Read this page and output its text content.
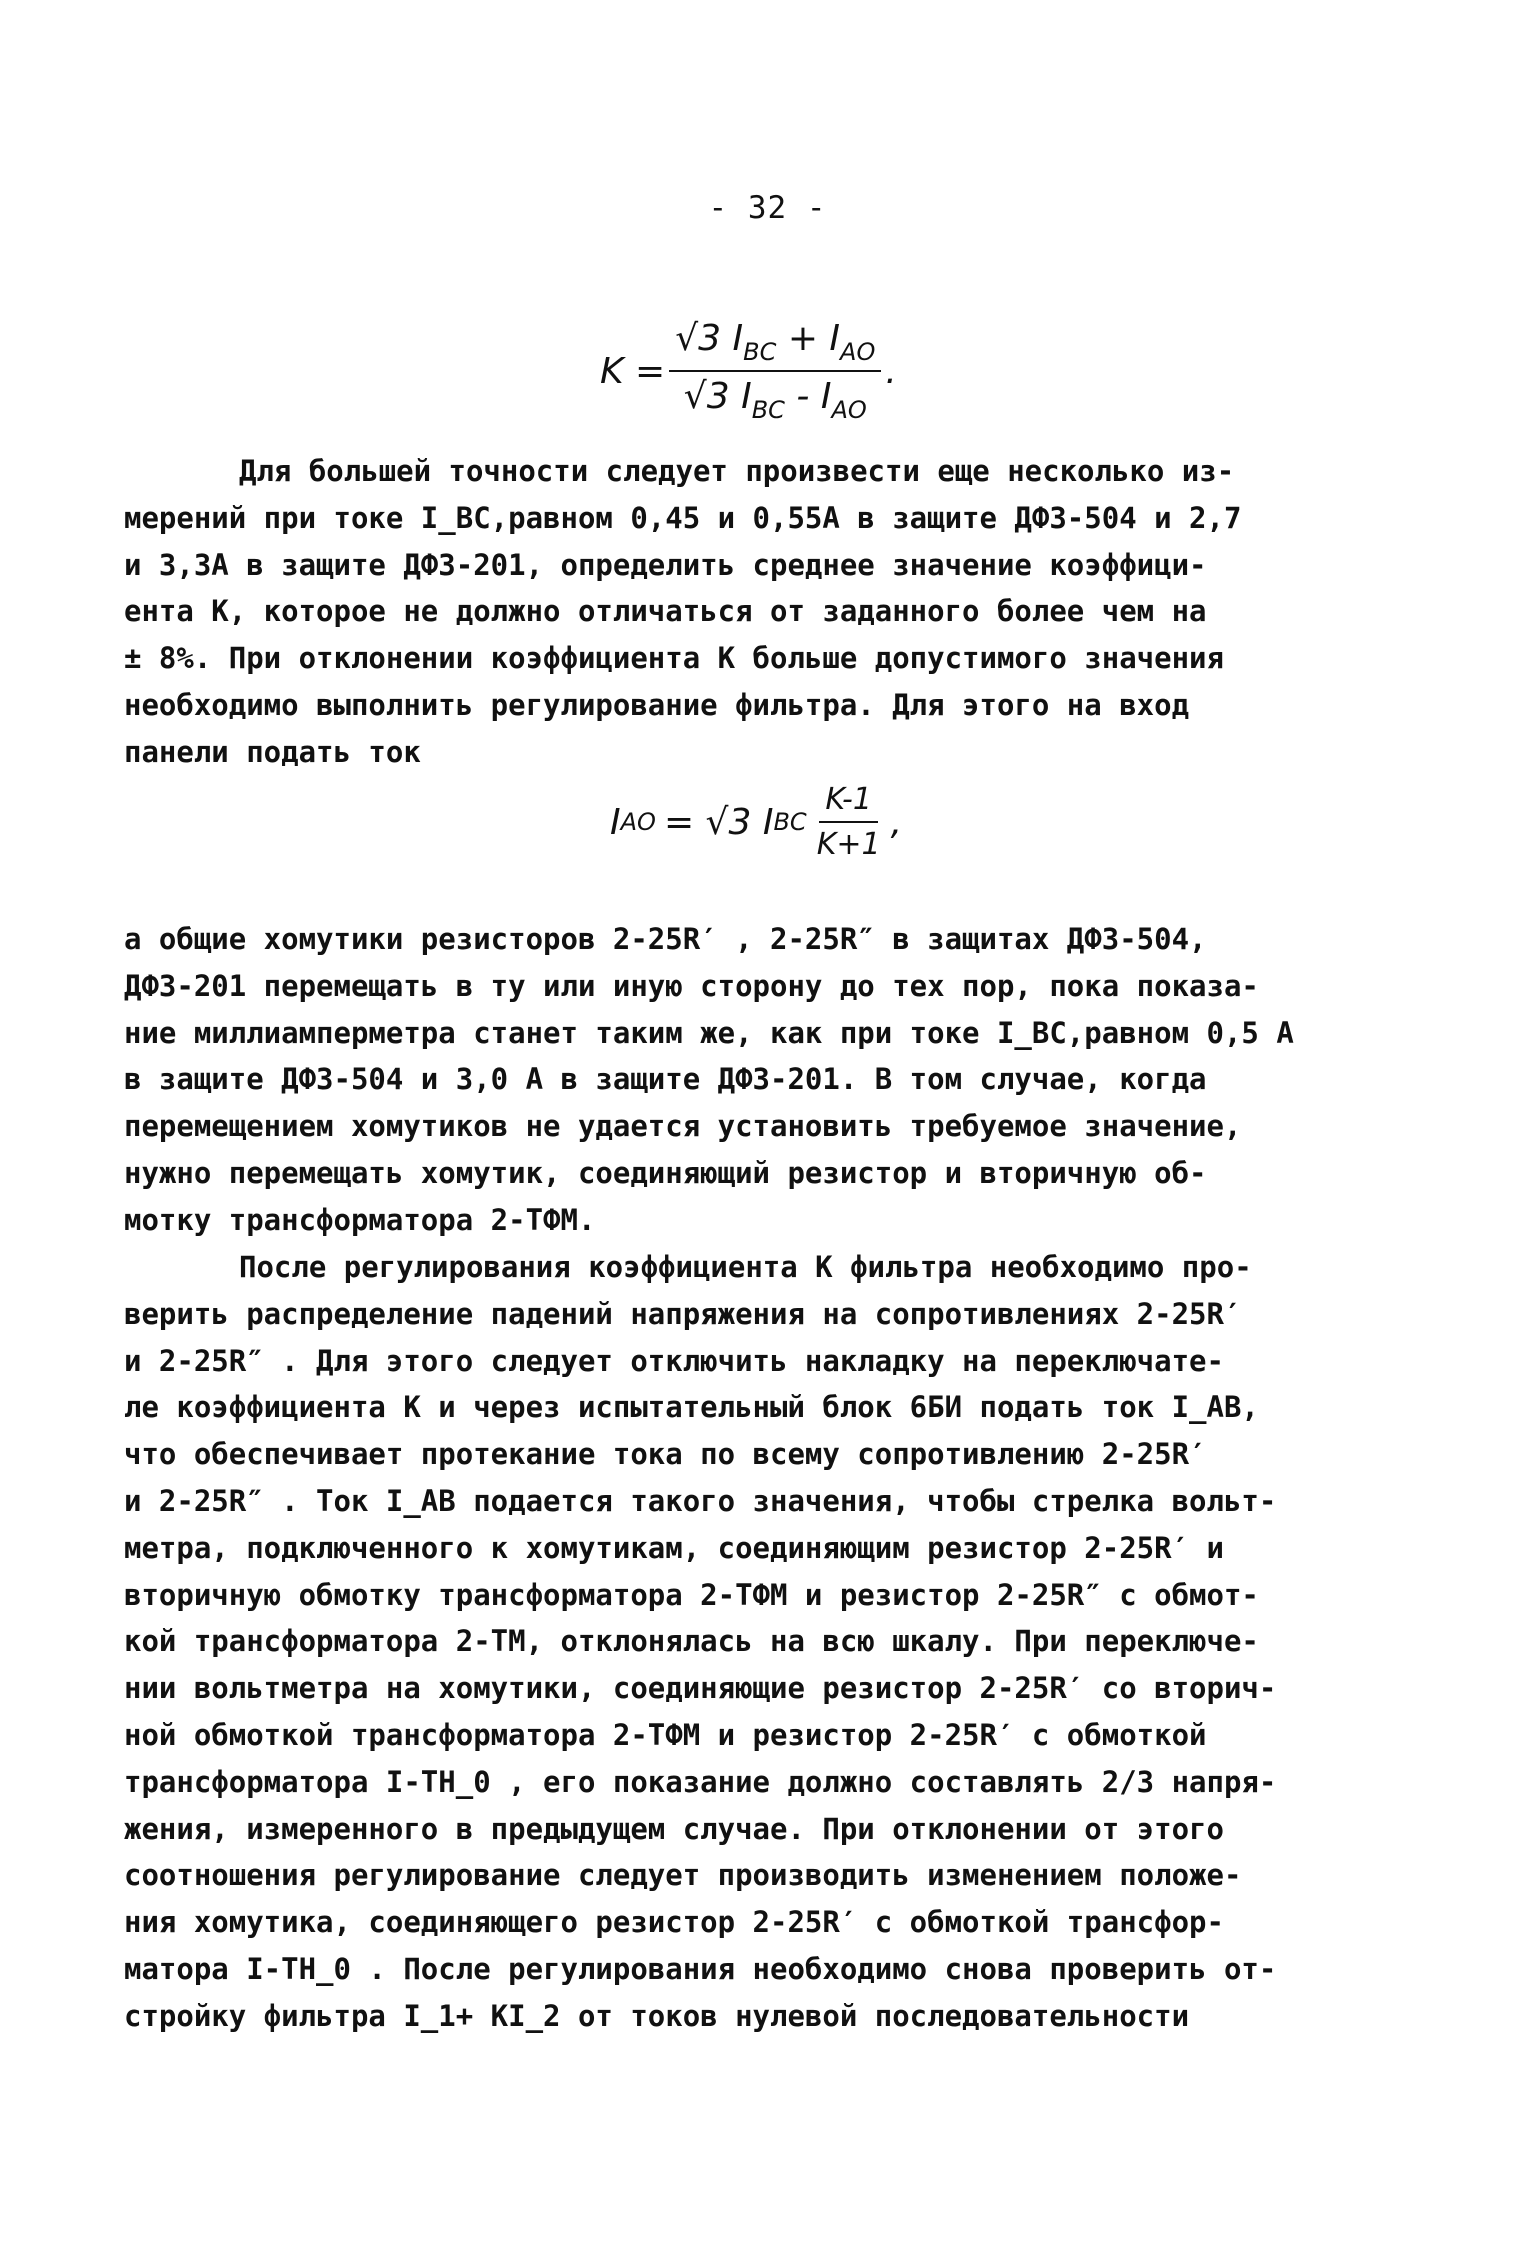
- 32 -
$K = \frac{√3 I_{BC} + I_{AO}}{√3 I_{BC} - I_{AO}}$ .
Для большей точности следует произвести еще несколько из-
мерений при токе I_BC,равном 0,45 и 0,55А в защите ДФЗ-504 и 2,7
и 3,3А в защите ДФЗ-201, определить среднее значение коэффици-
ента К, которое не должно отличаться от заданного более чем на
± 8%. При отклонении коэффициента К больше допустимого значения
необходимо выполнить регулирование фильтра. Для этого на вход
панели подать ток
I AO = √3 I BC $\frac{K-1}{K+1}$ ,
а общие хомутики резисторов 2-25R′ , 2-25R″ в защитах ДФЗ-504,
ДФЗ-201 перемещать в ту или иную сторону до тех пор, пока показа-
ние миллиамперметра станет таким же, как при токе I_BC,равном 0,5 А
в защите ДФЗ-504 и 3,0 А в защите ДФЗ-201. В том случае, когда
перемещением хомутиков не удается установить требуемое значение,
нужно перемещать хомутик, соединяющий резистор и вторичную об-
мотку трансформатора 2-ТФМ.
После регулирования коэффициента К фильтра необходимо про-
верить распределение падений напряжения на сопротивлениях 2-25R′
и 2-25R″ . Для этого следует отключить накладку на переключате-
ле коэффициента К и через испытательный блок 6БИ подать ток I_AB,
что обеспечивает протекание тока по всему сопротивлению 2-25R′
и 2-25R″ . Ток I_AB подается такого значения, чтобы стрелка вольт-
метра, подключенного к хомутикам, соединяющим резистор 2-25R′ и
вторичную обмотку трансформатора 2-ТФМ и резистор 2-25R″ с обмот-
кой трансформатора 2-ТМ, отклонялась на всю шкалу. При переключе-
нии вольтметра на хомутики, соединяющие резистор 2-25R′ со вторич-
ной обмоткой трансформатора 2-ТФМ и резистор 2-25R′ с обмоткой
трансформатора I-ТН_0 , его показание должно составлять 2/3 напря-
жения, измеренного в предыдущем случае. При отклонении от этого
соотношения регулирование следует производить изменением положе-
ния хомутика, соединяющего резистор 2-25R′ с обмоткой трансфор-
матора I-ТН_0 . После регулирования необходимо снова проверить от-
стройку фильтра I_1+ KI_2 от токов нулевой последовательности
